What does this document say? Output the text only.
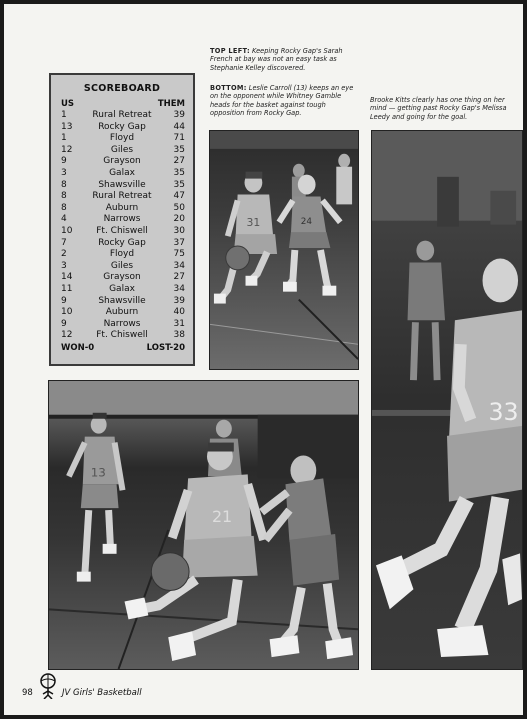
SCOREBOARD
US	THEM
1	Rural Retreat	39
13	Rocky Gap	44
1	Floyd	71
12	Giles	35
9	Grayson	27
3	Galax	35
8	Shawsville	35
8	Rural Retreat	47
8	Auburn	50
4	Narrows	20
10	Ft. Chiswell	30
7	Rocky Gap	37
2	Floyd	75
3	Giles	34
14	Grayson	27
11	Galax	34
9	Shawsville	39
10	Auburn	40
9	Narrows	31
12	Ft. Chiswell	38
WON-0	LOST-20
TOP LEFT: Keeping Rocky Gap's Sarah French at bay was not an easy task as Stephanie Kelley discovered.
BOTTOM: Leslie Carroll (13) keeps an eye on the opponent while Whitney Gamble heads for the basket against tough opposition from Rocky Gap.
Brooke Kitts clearly has one thing on her mind — getting past Rocky Gap's Melissa Leedy and going for the goal.
31	24
33
13
21
98	JV Girls' Basketball
